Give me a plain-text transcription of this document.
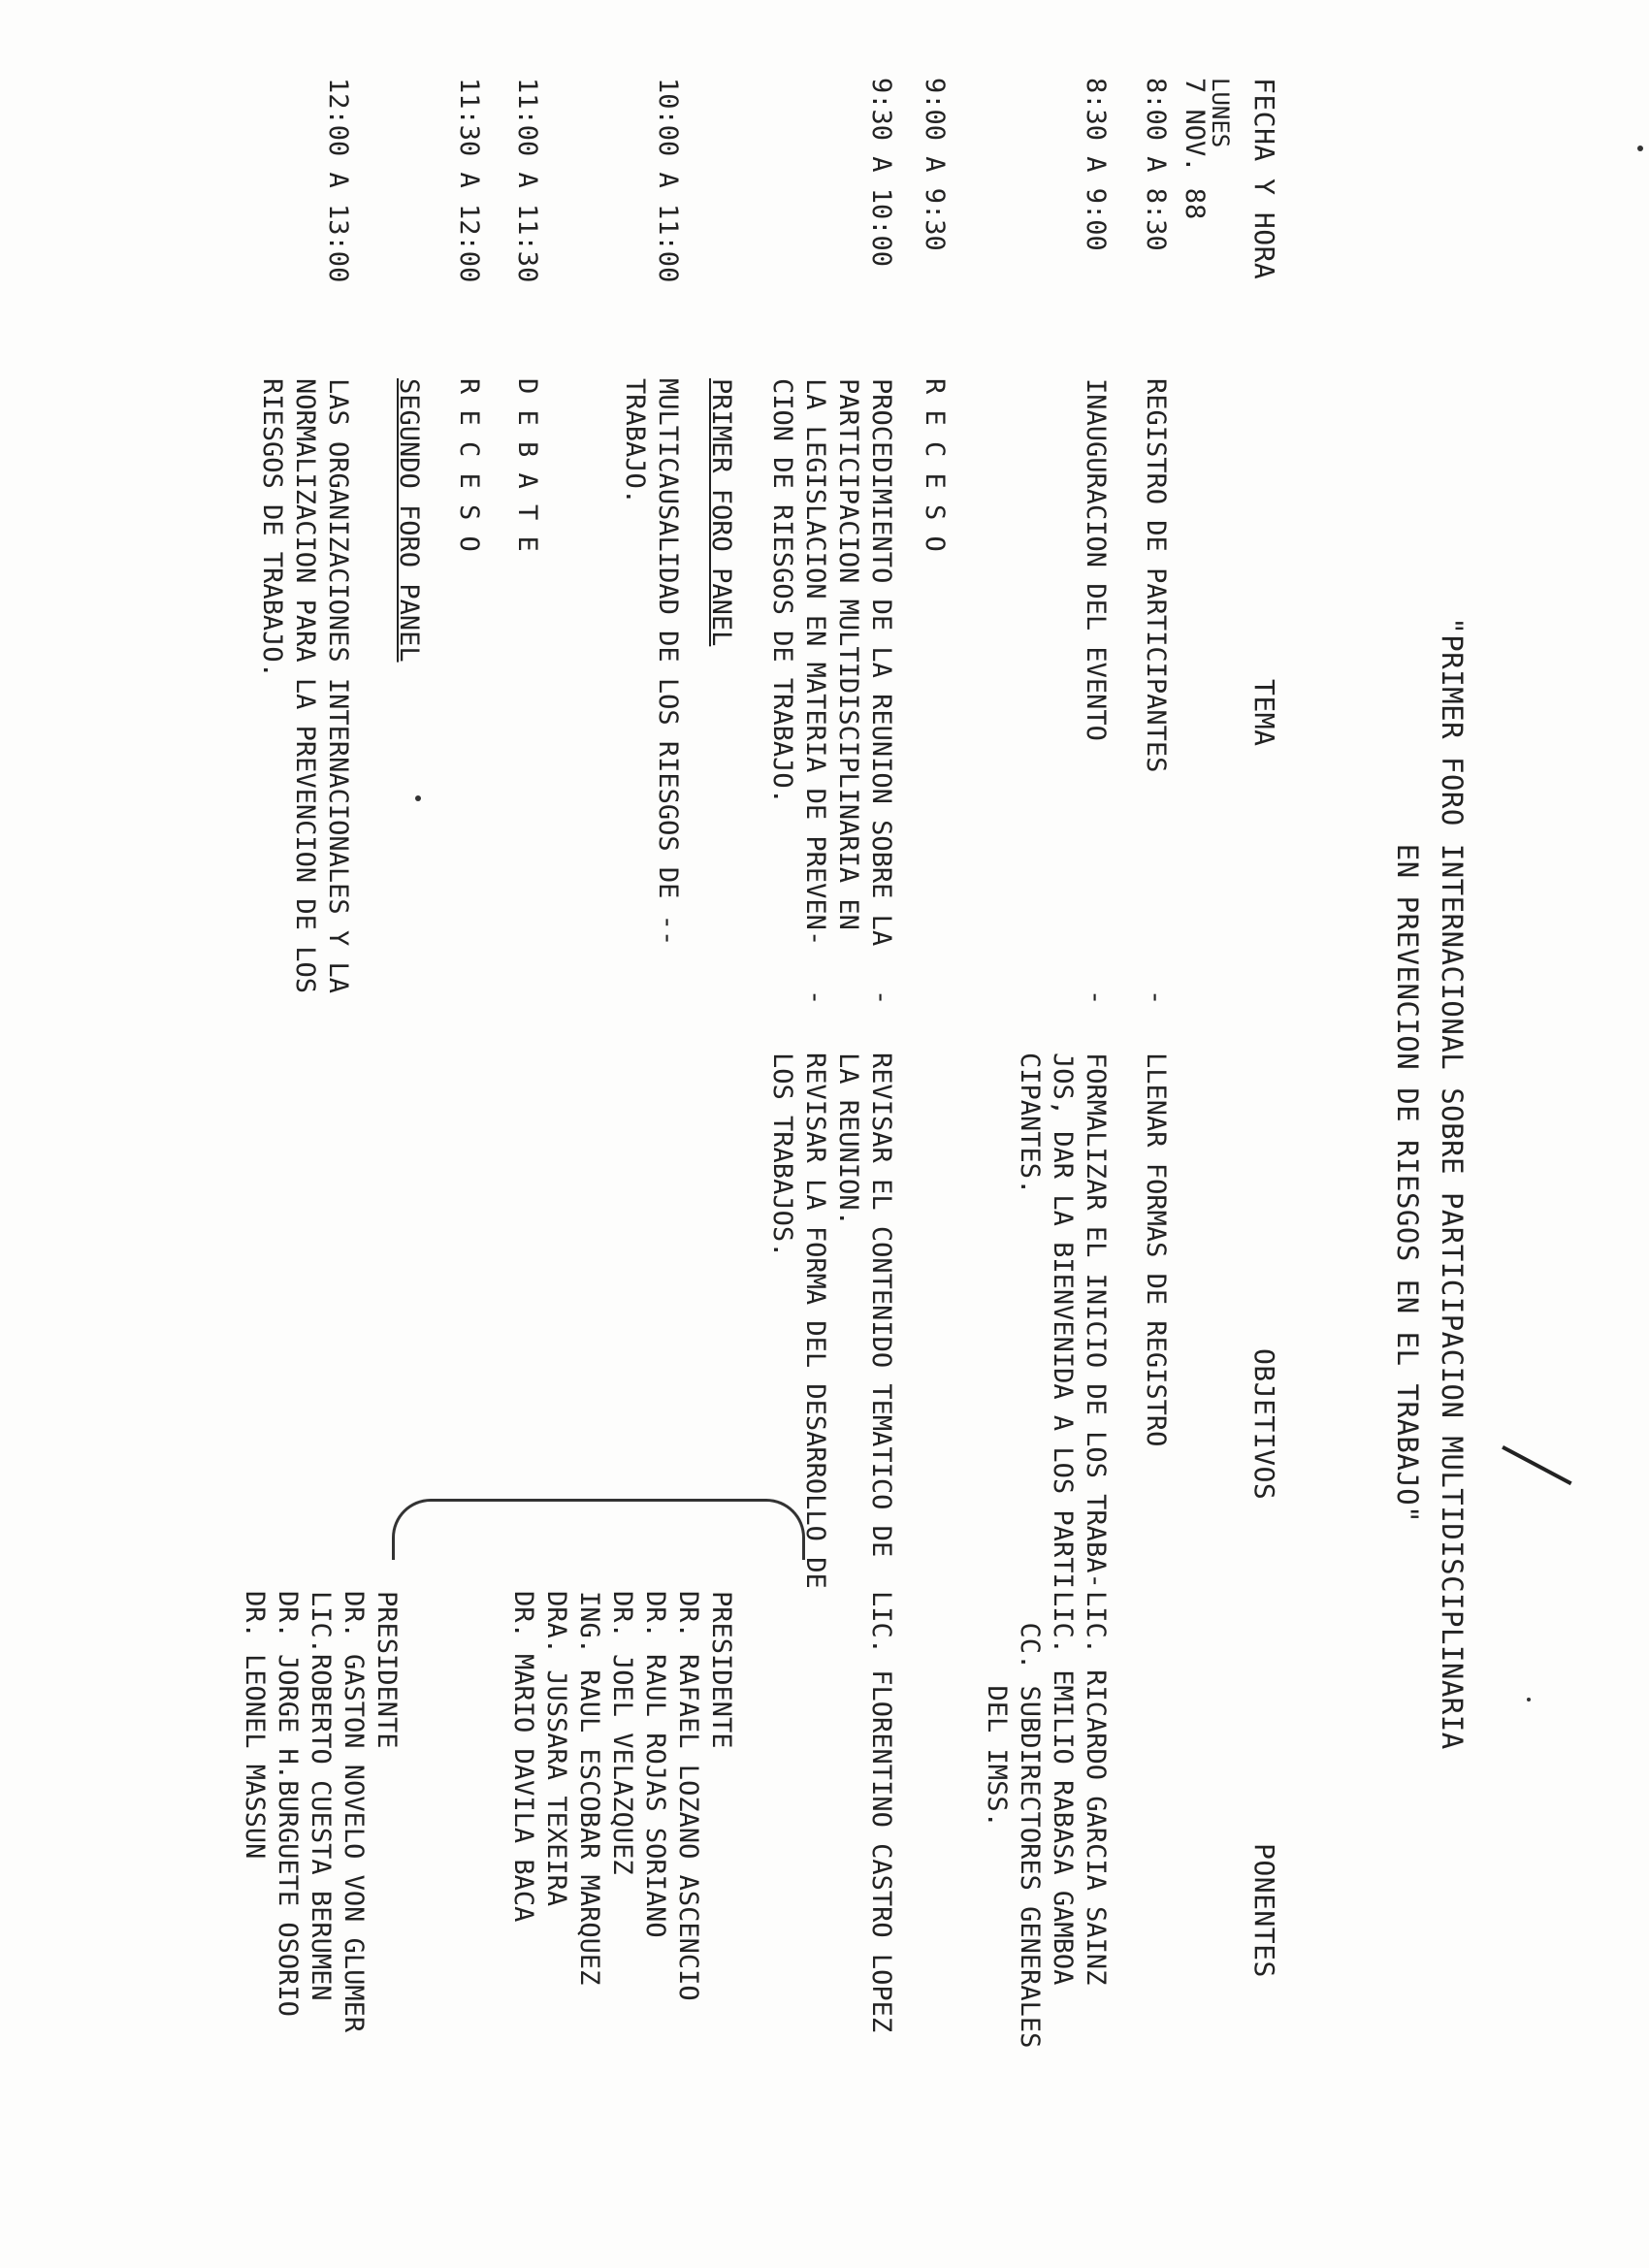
"PRIMER FORO INTERNACIONAL SOBRE PARTICIPACION MULTIDISCIPLINARIA
EN PREVENCION DE RIESGOS EN EL TRABAJO"
FECHA Y HORA
TEMA
OBJETIVOS
PONENTES
LUNES
7 NOV. 88
8:00 A 8:30
REGISTRO DE PARTICIPANTES
-   LLENAR FORMAS DE REGISTRO
8:30 A 9:00
INAUGURACION DEL EVENTO
-   FORMALIZAR EL INICIO DE LOS TRABA-
JOS, DAR LA BIENVENIDA A LOS PARTI
CIPANTES.
LIC. RICARDO GARCIA SAINZ
LIC. EMILIO RABASA GAMBOA
CC. SUBDIRECTORES GENERALES
DEL IMSS.
9:00 A 9:30
R E C E S O
9:30 A 10:00
PROCEDIMIENTO DE LA REUNION SOBRE LA
PARTICIPACION MULTIDISCIPLINARIA EN
LA LEGISLACION EN MATERIA DE PREVEN-
CION DE RIESGOS DE TRABAJO.
-   REVISAR EL CONTENIDO TEMATICO DE
LA REUNION.
-   REVISAR LA FORMA DEL DESARROLLO DE
LOS TRABAJOS.
LIC. FLORENTINO CASTRO LOPEZ
PRIMER FORO PANEL
10:00 A 11:00
MULTICAUSALIDAD DE LOS RIESGOS DE --
TRABAJO.
PRESIDENTE
DR. RAFAEL LOZANO ASCENCIO
DR. RAUL ROJAS SORIANO
DR. JOEL VELAZQUEZ
ING. RAUL ESCOBAR MARQUEZ
DRA. JUSSARA TEXEIRA
DR. MARIO DAVILA BACA
11:00 A 11:30
D E B A T E
11:30 A 12:00
R E C E S O
SEGUNDO FORO PANEL
12:00 A 13:00
LAS ORGANIZACIONES INTERNACIONALES Y LA
NORMALIZACION PARA LA PREVENCION DE LOS
RIESGOS DE TRABAJO.
PRESIDENTE
DR. GASTON NOVELO VON GLUMER
LIC.ROBERTO CUESTA BERUMEN
DR. JORGE H.BURGUETE OSORIO
DR. LEONEL MASSUN
